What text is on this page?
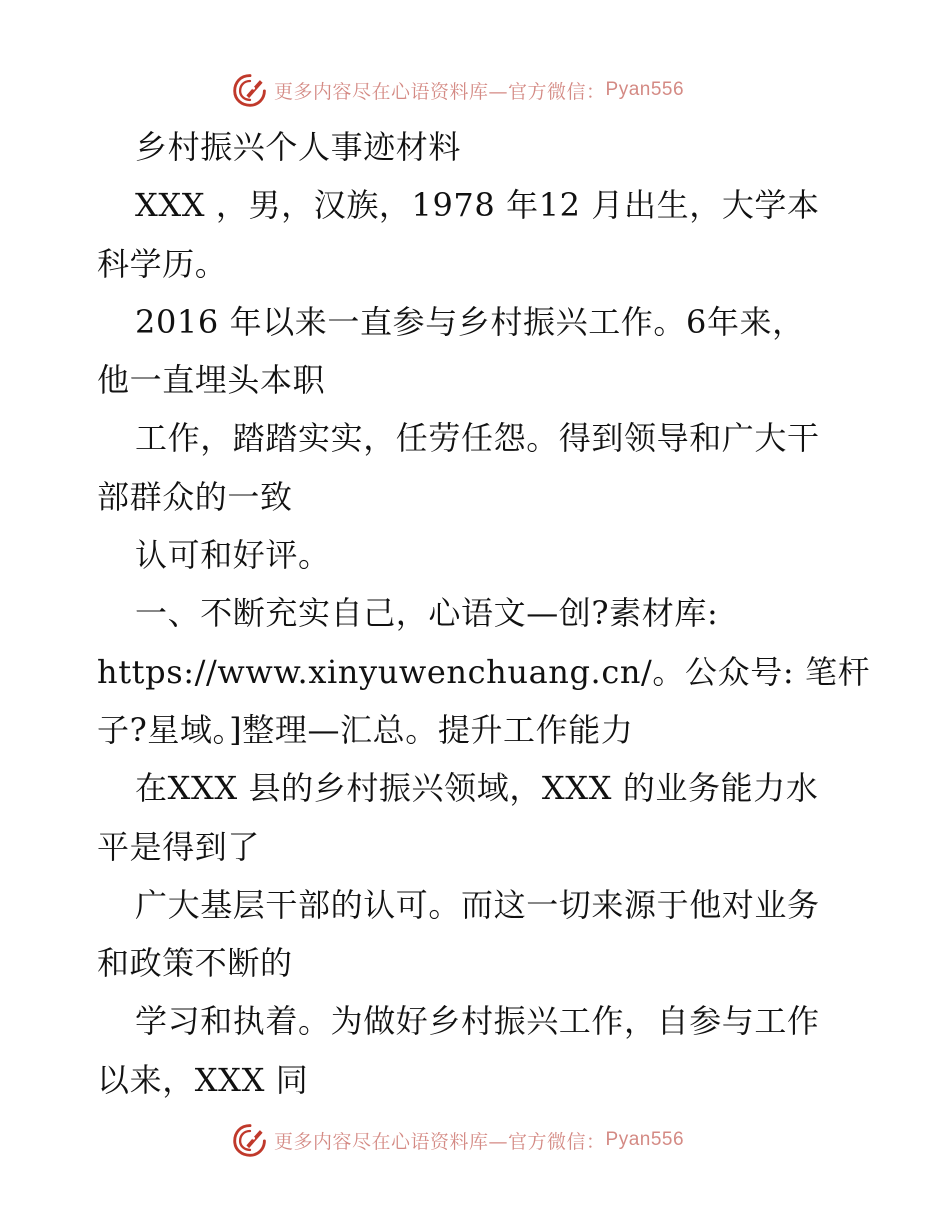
更多内容尽在心语资料库—官方微信： Pyan556
乡村振兴个人事迹材料
XXX ，男，汉族，1978 年12 月出生，大学本
科学历。
2016 年以来一直参与乡村振兴工作。6年来，
他一直埋头本职
工作，踏踏实实，任劳任怨。得到领导和广大干
部群众的一致
认可和好评。
一、不断充实自己，心语文—创?素材库:
https://www.xinyuwenchuang.cn/。公众号: 笔杆
子?星域。]整理—汇总。提升工作能力
在XXX 县的乡村振兴领域，XXX 的业务能力水
平是得到了
广大基层干部的认可。而这一切来源于他对业务
和政策不断的
学习和执着。为做好乡村振兴工作，自参与工作
以来，XXX 同
更多内容尽在心语资料库—官方微信： Pyan556
